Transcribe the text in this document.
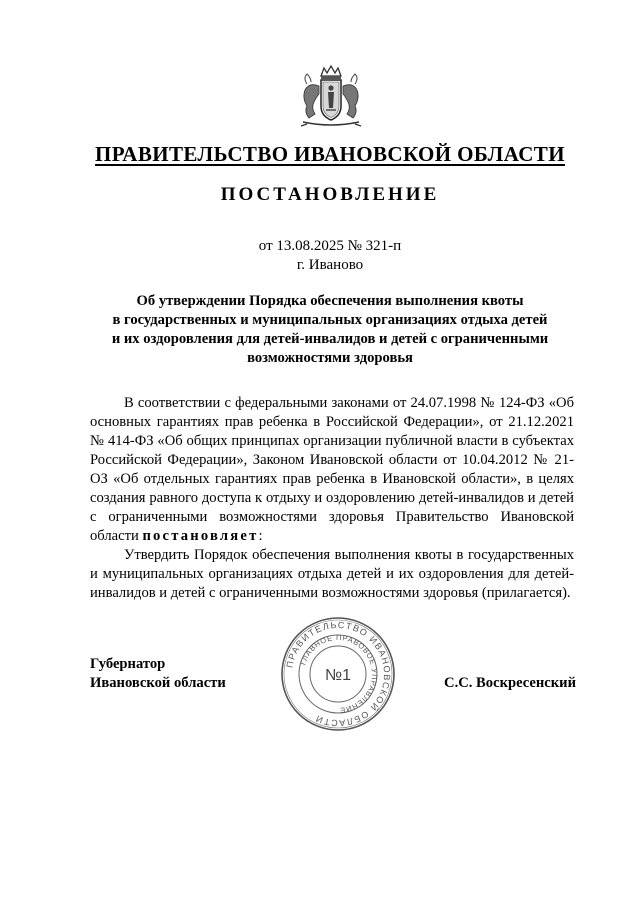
ПРАВИТЕЛЬСТВО ИВАНОВСКОЙ ОБЛАСТИ
ПОСТАНОВЛЕНИЕ
от 13.08.2025 № 321-п
г. Иваново
Об утверждении Порядка обеспечения выполнения квоты
в государственных и муниципальных организациях отдыха детей
и их оздоровления для детей-инвалидов и детей с ограниченными
возможностями здоровья

В соответствии с федеральными законами от 24.07.1998 № 124-ФЗ «Об основных гарантиях прав ребенка в Российской Федерации», от 21.12.2021 № 414-ФЗ «Об общих принципах организации публичной власти в субъектах Российской Федерации», Законом Ивановской области от 10.04.2012 № 21-ОЗ «Об отдельных гарантиях прав ребенка в Ивановской области», в целях создания равного доступа к отдыху и оздоровлению детей-инвалидов и детей с ограниченными возможностями здоровья Правительство Ивановской области постановляет:

Утвердить Порядок обеспечения выполнения квоты в государственных и муниципальных организациях отдыха детей и их оздоровления для детей-инвалидов и детей с ограниченными возможностями здоровья (прилагается).

Губернатор
Ивановской области
ПРАВИТЕЛЬСТВО ИВАНОВСКОЙ ОБЛАСТИ
ГЛАВНОЕ ПРАВОВОЕ УПРАВЛЕНИЕ
№1	С.С. Воскресенский
